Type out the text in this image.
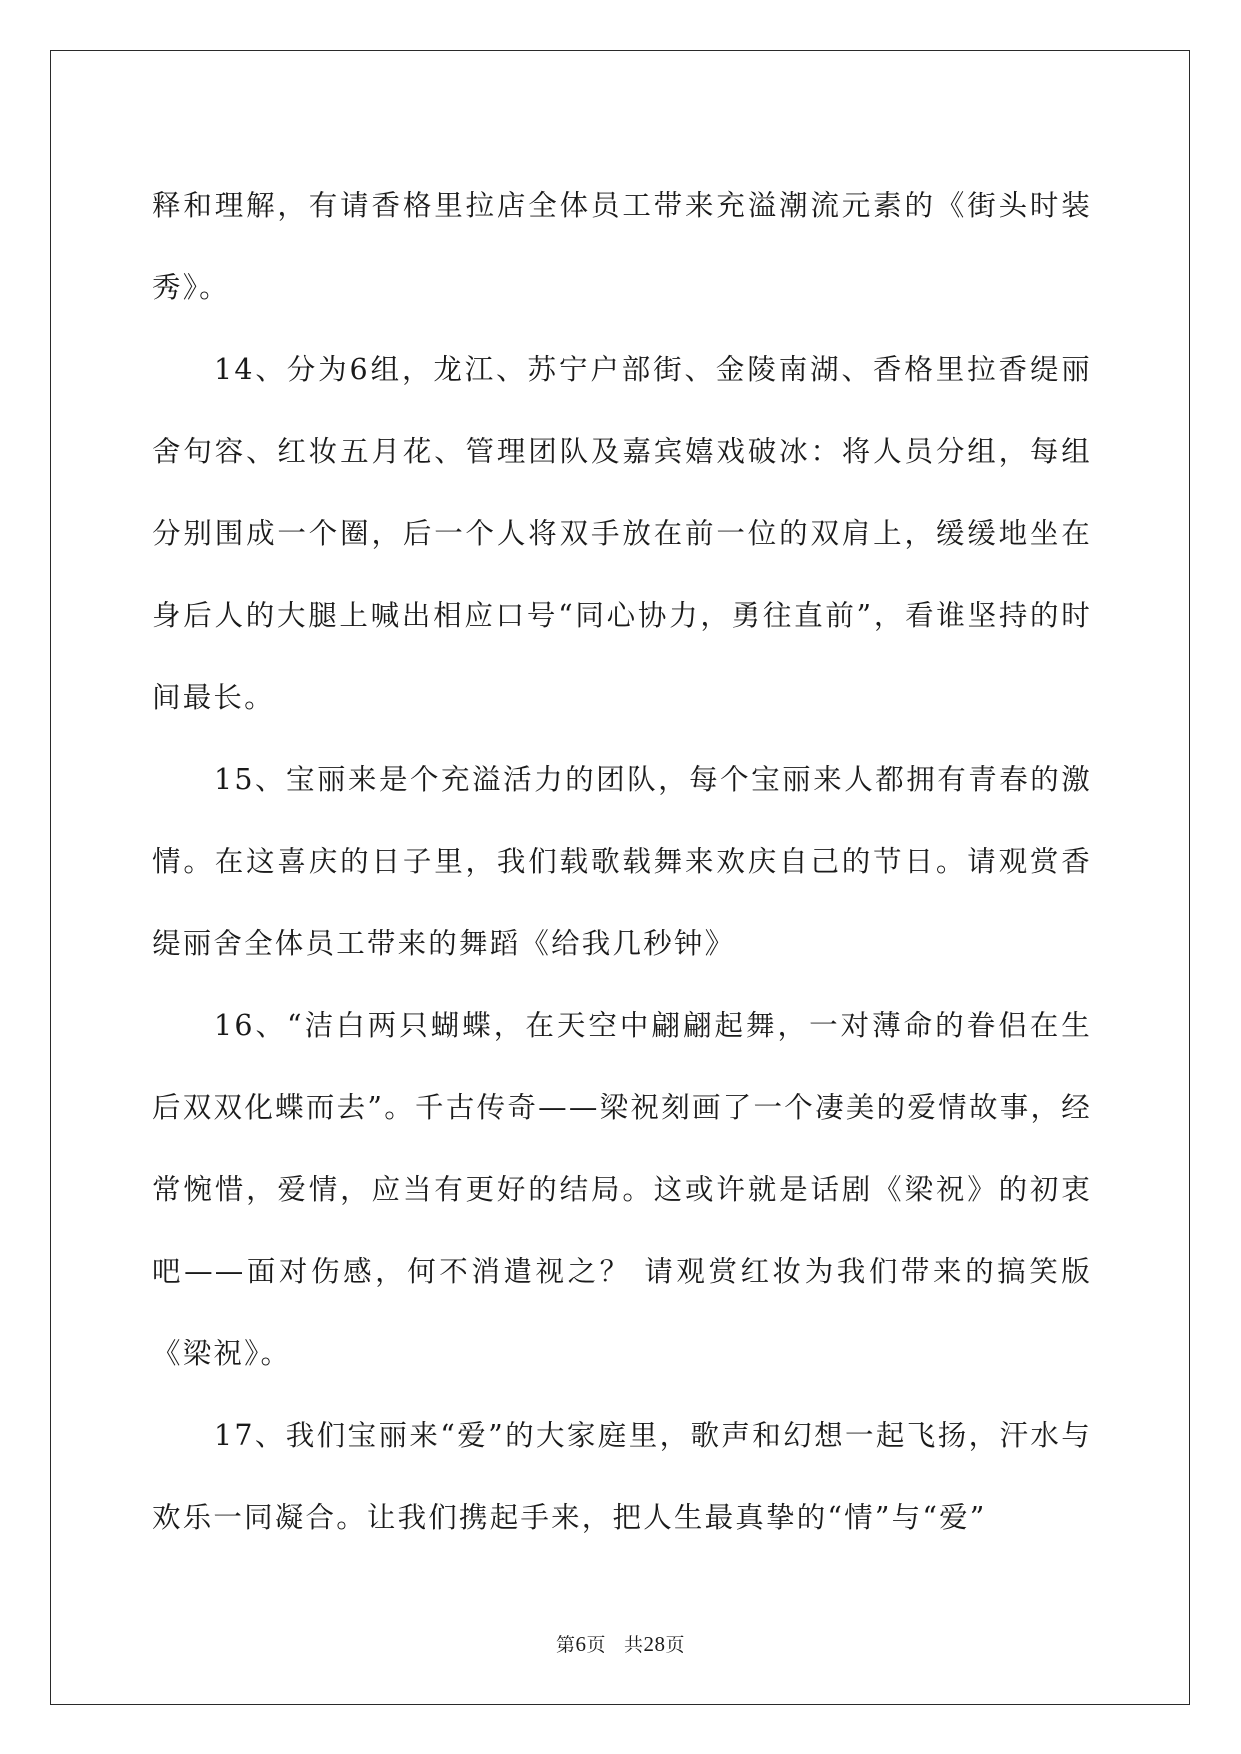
释和理解，有请香格里拉店全体员工带来充溢潮流元素的《街头时装秀》。

14、分为6组，龙江、苏宁户部街、金陵南湖、香格里拉香缇丽舍句容、红妆五月花、管理团队及嘉宾嬉戏破冰：将人员分组，每组分别围成一个圈，后一个人将双手放在前一位的双肩上，缓缓地坐在身后人的大腿上喊出相应口号“同心协力，勇往直前”，看谁坚持的时间最长。

15、宝丽来是个充溢活力的团队，每个宝丽来人都拥有青春的激情。在这喜庆的日子里，我们载歌载舞来欢庆自己的节日。请观赏香缇丽舍全体员工带来的舞蹈《给我几秒钟》

16、“洁白两只蝴蝶，在天空中翩翩起舞，一对薄命的眷侣在生后双双化蝶而去”。千古传奇——梁祝刻画了一个凄美的爱情故事，经常惋惜，爱情，应当有更好的结局。这或许就是话剧《梁祝》的初衷吧——面对伤感，何不消遣视之？ 请观赏红妆为我们带来的搞笑版《梁祝》。

17、我们宝丽来“爱”的大家庭里，歌声和幻想一起飞扬，汗水与欢乐一同凝合。让我们携起手来，把人生最真挚的“情”与“爱”

第6页 共28页
